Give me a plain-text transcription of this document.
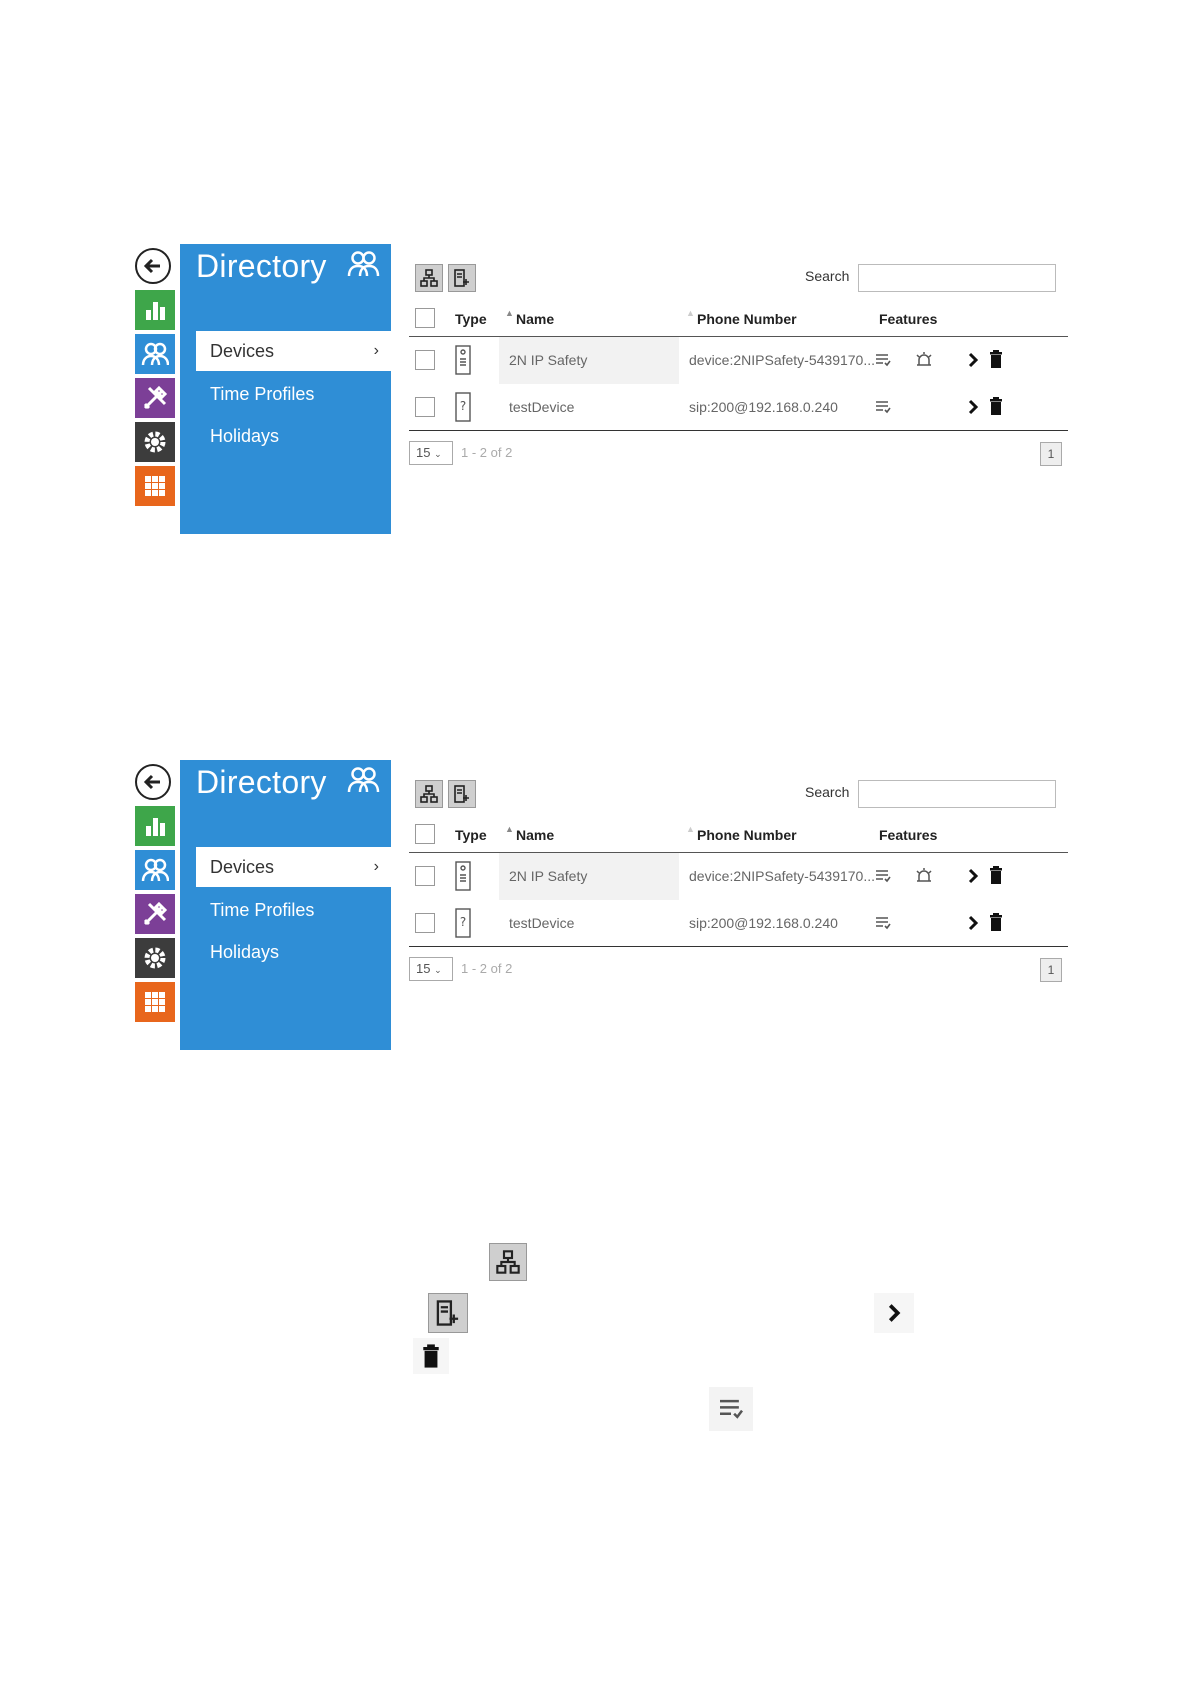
Directory
Devices	›
Time Profiles
Holidays
Search
Type ▲ Name	▲ Phone Number	Features
2N IP Safety	device:2NIPSafety-5439170...
?	testDevice	sip:200@192.168.0.240
15 ⌄	1 - 2 of 2	1
Directory
Devices	›
Time Profiles
Holidays
Search
Type ▲ Name	▲ Phone Number	Features
2N IP Safety	device:2NIPSafety-5439170...
?	testDevice	sip:200@192.168.0.240
15 ⌄	1 - 2 of 2	1
